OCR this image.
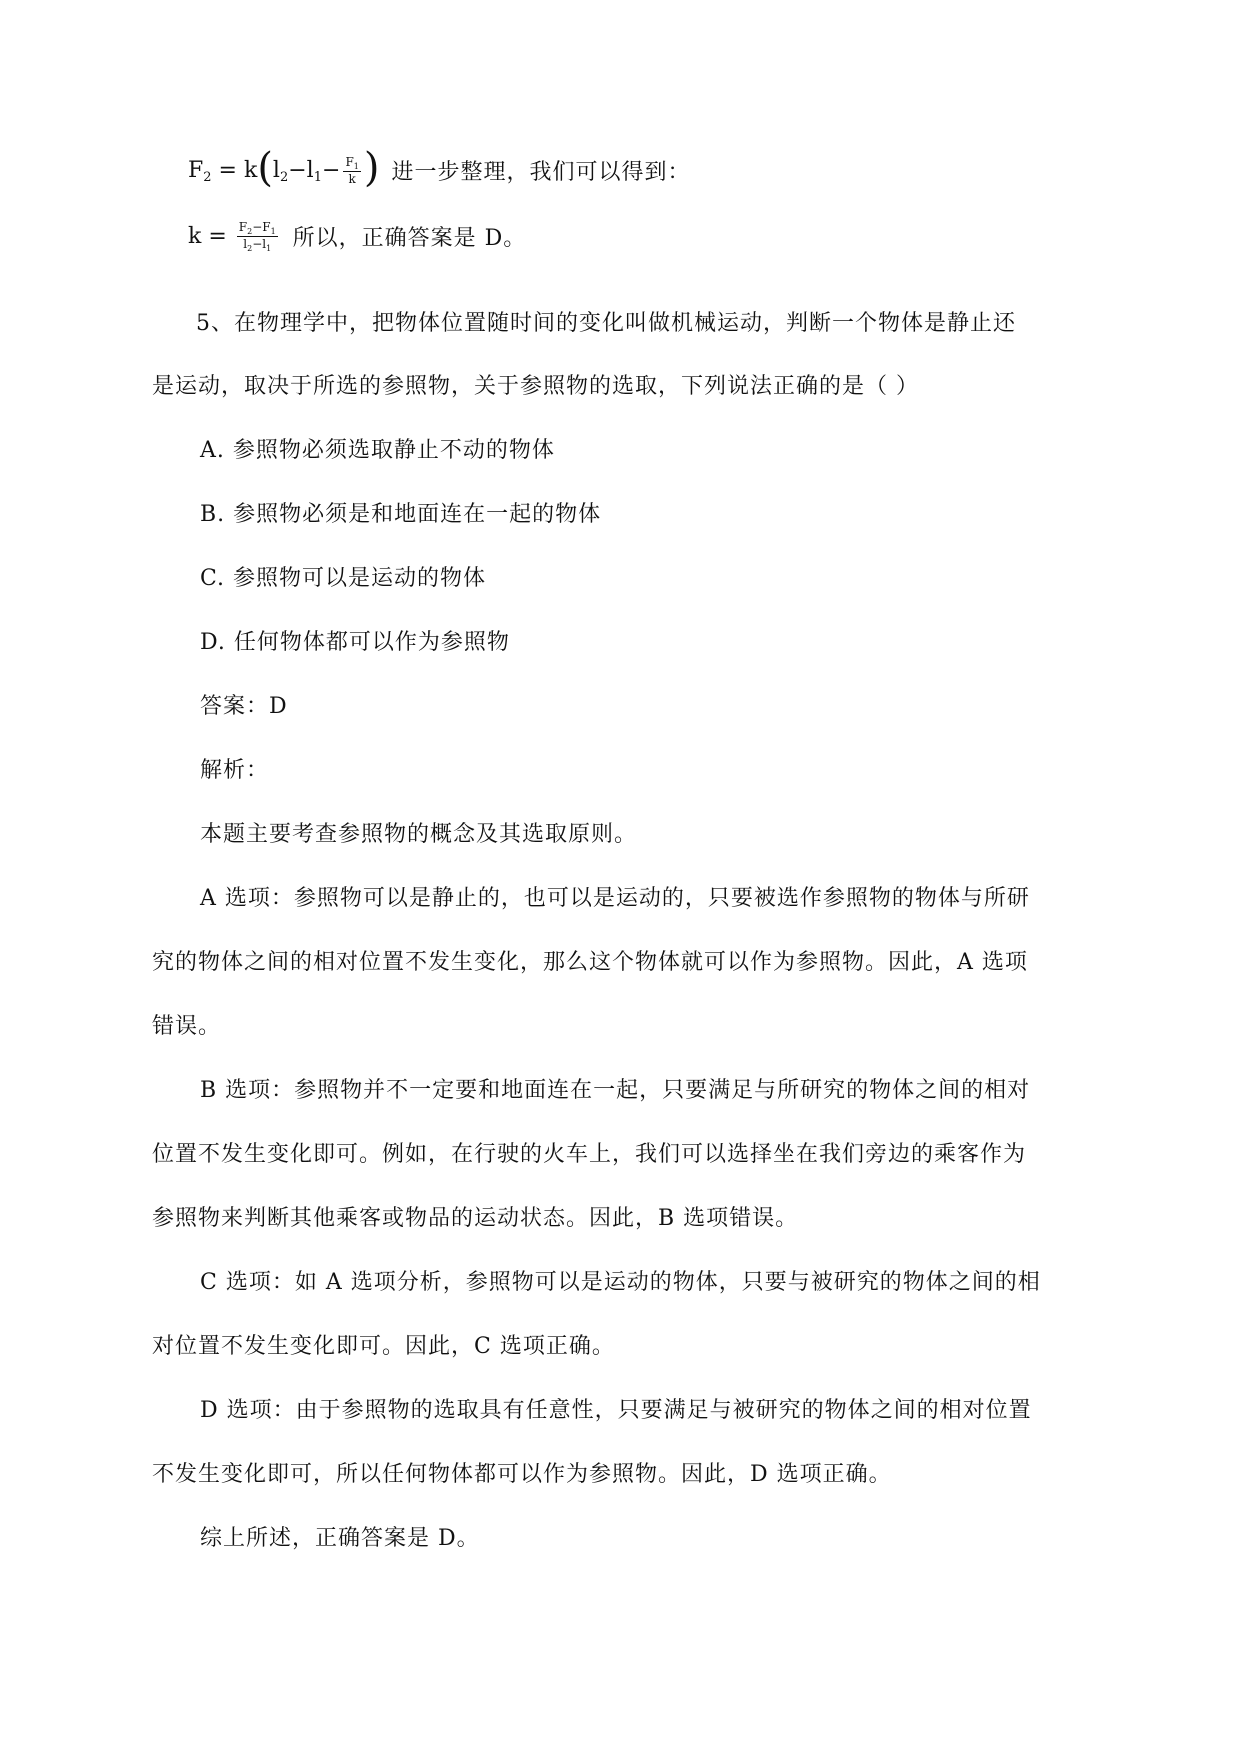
F 2 = k ( l 2 −l $1 - \frac{F_1}{k}$ ) 进一步整理，我们可以得到：
$k = \frac{F_2-F_1}{l_2-l_1}$ 所以，正确答案是 D。
5、在物理学中，把物体位置随时间的变化叫做机械运动，判断一个物体是静止还
是运动，取决于所选的参照物，关于参照物的选取，下列说法正确的是（ ）
A. 参照物必须选取静止不动的物体
B. 参照物必须是和地面连在一起的物体
C. 参照物可以是运动的物体
D. 任何物体都可以作为参照物
答案：D
解析：
本题主要考查参照物的概念及其选取原则。
A 选项：参照物可以是静止的，也可以是运动的，只要被选作参照物的物体与所研
究的物体之间的相对位置不发生变化，那么这个物体就可以作为参照物。因此，A 选项
错误。
B 选项：参照物并不一定要和地面连在一起，只要满足与所研究的物体之间的相对
位置不发生变化即可。例如，在行驶的火车上，我们可以选择坐在我们旁边的乘客作为
参照物来判断其他乘客或物品的运动状态。因此，B 选项错误。
C 选项：如 A 选项分析，参照物可以是运动的物体，只要与被研究的物体之间的相
对位置不发生变化即可。因此，C 选项正确。
D 选项：由于参照物的选取具有任意性，只要满足与被研究的物体之间的相对位置
不发生变化即可，所以任何物体都可以作为参照物。因此，D 选项正确。
综上所述，正确答案是 D。
